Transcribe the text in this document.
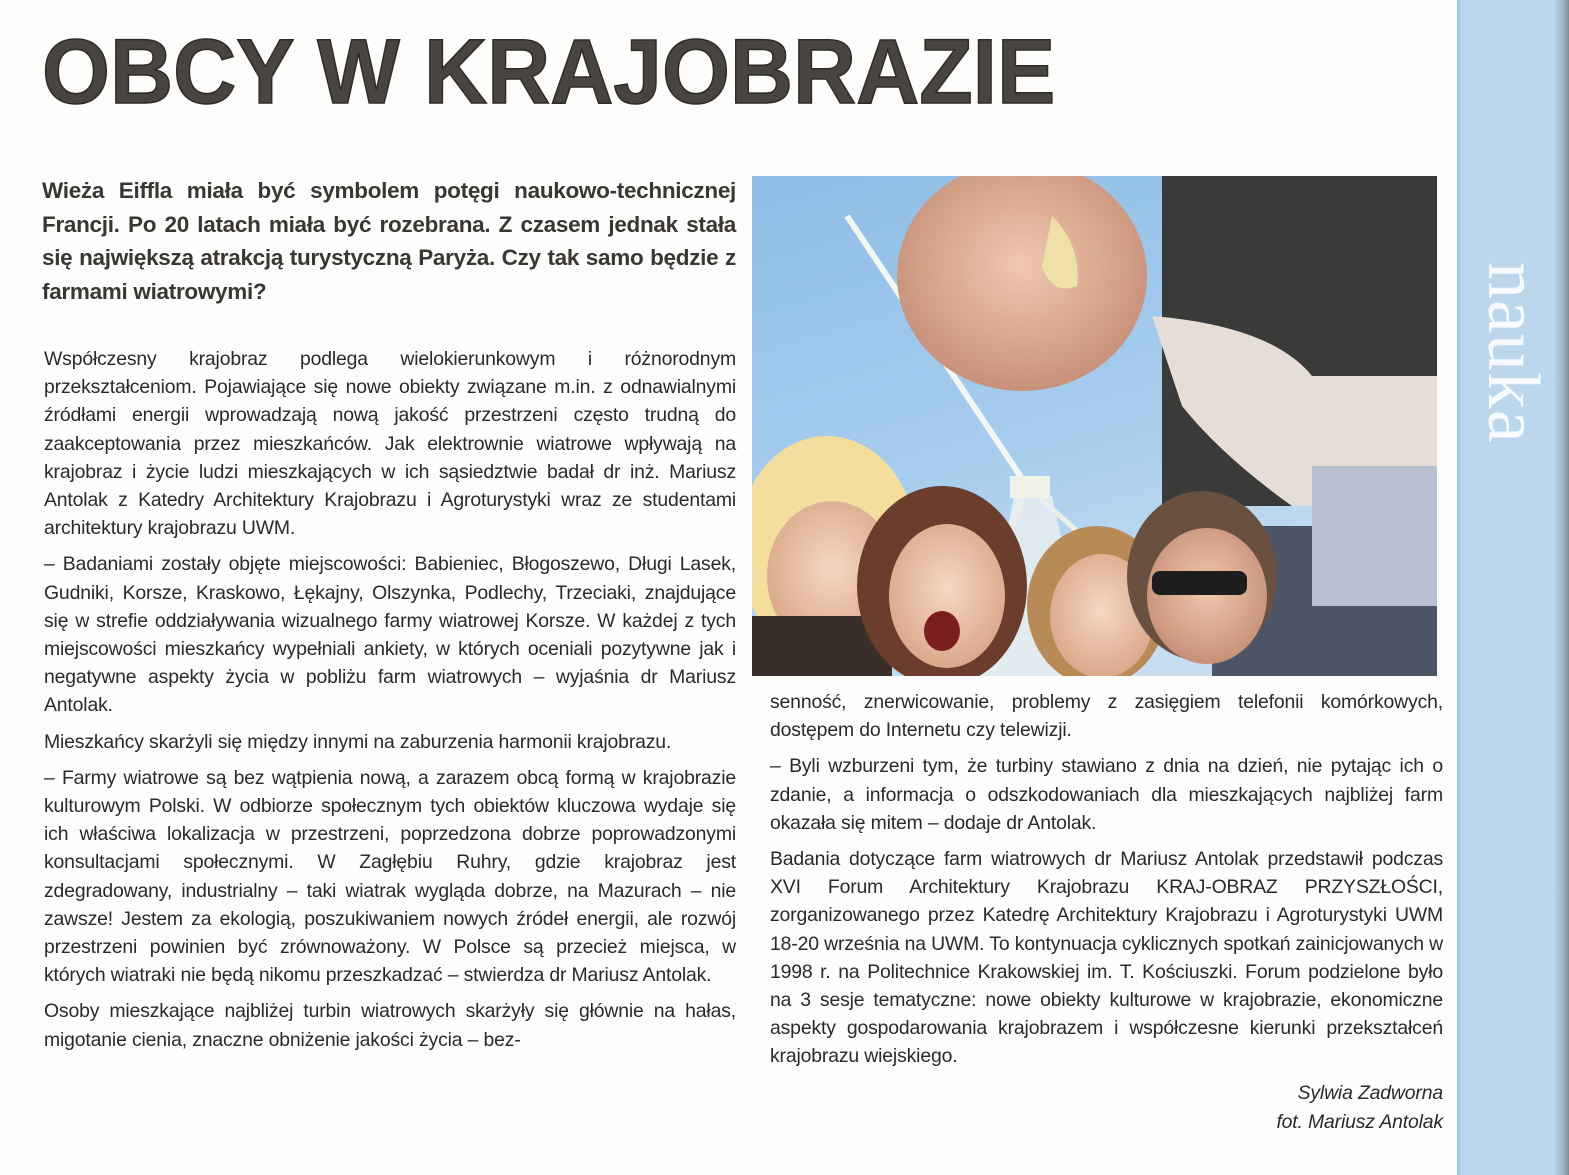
OBCY W KRAJOBRAZIE

Wieża Eiffla miała być symbolem potęgi naukowo-technicznej Francji. Po 20 latach miała być rozebrana. Z czasem jednak stała się największą atrakcją turystyczną Paryża. Czy tak samo będzie z farmami wiatrowymi?

Współczesny krajobraz podlega wielokierunkowym i różnorodnym przekształceniom. Pojawiające się nowe obiekty związane m.in. z odnawialnymi źródłami energii wprowadzają nową jakość przestrzeni często trudną do zaakceptowania przez mieszkańców. Jak elektrownie wiatrowe wpływają na krajobraz i życie ludzi mieszkających w ich sąsiedztwie badał dr inż. Mariusz Antolak z Katedry Architektury Krajobrazu i Agroturystyki wraz ze studentami architektury krajobrazu UWM.

– Badaniami zostały objęte miejscowości: Babieniec, Błogoszewo, Długi Lasek, Gudniki, Korsze, Kraskowo, Łękajny, Olszynka, Podlechy, Trzeciaki, znajdujące się w strefie oddziaływania wizualnego farmy wiatrowej Korsze. W każdej z tych miejscowości mieszkańcy wypełniali ankiety, w których oceniali pozytywne jak i negatywne aspekty życia w pobliżu farm wiatrowych – wyjaśnia dr Mariusz Antolak.

Mieszkańcy skarżyli się między innymi na zaburzenia harmonii krajobrazu.

– Farmy wiatrowe są bez wątpienia nową, a zarazem obcą formą w krajobrazie kulturowym Polski. W odbiorze społecznym tych obiektów kluczowa wydaje się ich właściwa lokalizacja w przestrzeni, poprzedzona dobrze poprowadzonymi konsultacjami społecznymi. W Zagłębiu Ruhry, gdzie krajobraz jest zdegradowany, industrialny – taki wiatrak wygląda dobrze, na Mazurach – nie zawsze! Jestem za ekologią, poszukiwaniem nowych źródeł energii, ale rozwój przestrzeni powinien być zrównoważony. W Polsce są przecież miejsca, w których wiatraki nie będą nikomu przeszkadzać – stwierdza dr Mariusz Antolak.

Osoby mieszkające najbliżej turbin wiatrowych skarżyły się głównie na hałas, migotanie cienia, znaczne obniżenie jakości życia – bez-

senność, znerwicowanie, problemy z zasięgiem telefonii komórkowych, dostępem do Internetu czy telewizji.

– Byli wzburzeni tym, że turbiny stawiano z dnia na dzień, nie pytając ich o zdanie, a informacja o odszkodowaniach dla mieszkających najbliżej farm okazała się mitem – dodaje dr Antolak.

Badania dotyczące farm wiatrowych dr Mariusz Antolak przedstawił podczas XVI Forum Architektury Krajobrazu KRAJ-OBRAZ PRZYSZŁOŚCI, zorganizowanego przez Katedrę Architektury Krajobrazu i Agroturystyki UWM 18-20 września na UWM. To kontynuacja cyklicznych spotkań zainicjowanych w 1998 r. na Politechnice Krakowskiej im. T. Kościuszki. Forum podzielone było na 3 sesje tematyczne: nowe obiekty kulturowe w krajobrazie, ekonomiczne aspekty gospodarowania krajobrazem i współczesne kierunki przekształceń krajobrazu wiejskiego.

Sylwia Zadworna

fot. Mariusz Antolak

nauka
